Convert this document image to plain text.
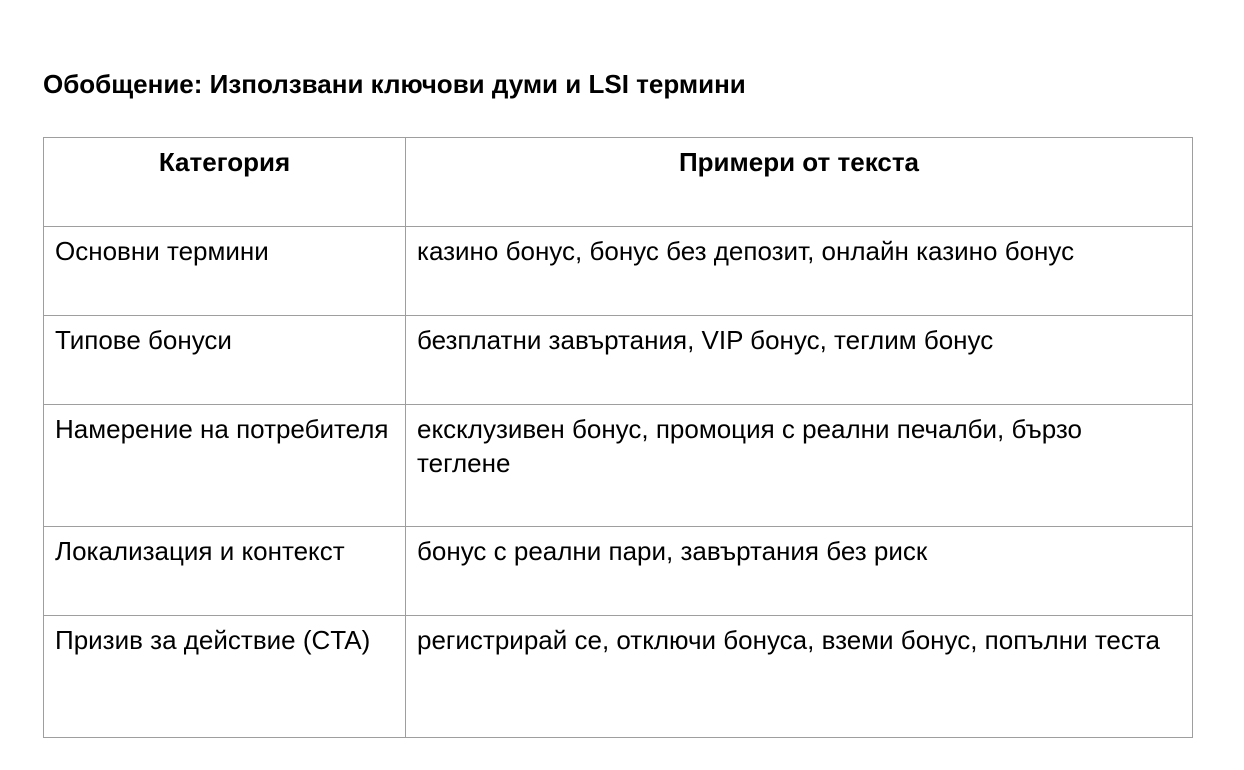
Обобщение: Използвани ключови думи и LSI термини
Категория	Примери от текста
Основни термини	казино бонус, бонус без депозит, онлайн казино бонус
Типове бонуси	безплатни завъртания, VIP бонус, теглим бонус
Намерение на потребителя	ексклузивен бонус, промоция с реални печалби, бързо теглене
Локализация и контекст	бонус с реални пари, завъртания без риск
Призив за действие (CTA)	регистрирай се, отключи бонуса, вземи бонус, попълни теста
